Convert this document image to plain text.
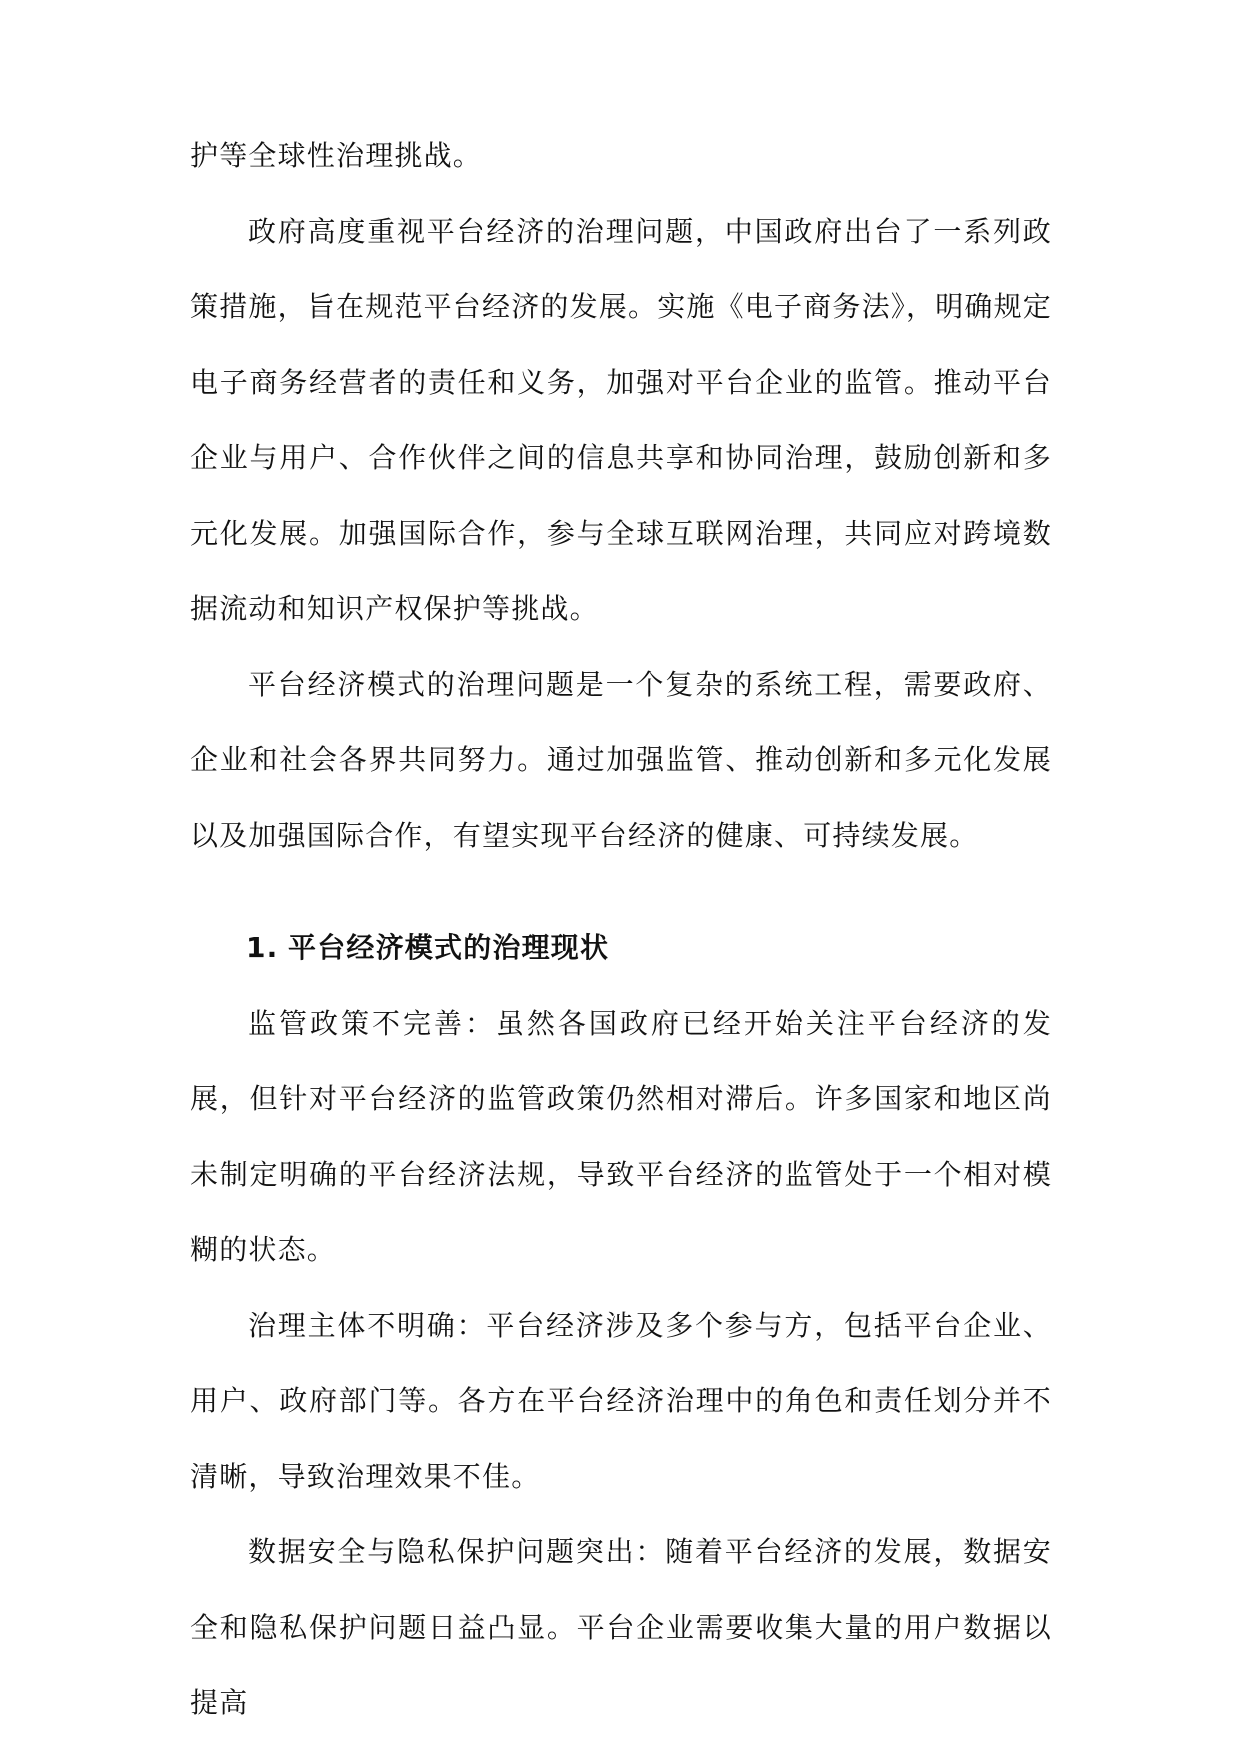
护等全球性治理挑战。

政府高度重视平台经济的治理问题，中国政府出台了一系列政策措施，旨在规范平台经济的发展。实施《电子商务法》，明确规定电子商务经营者的责任和义务，加强对平台企业的监管。推动平台企业与用户、合作伙伴之间的信息共享和协同治理，鼓励创新和多元化发展。加强国际合作，参与全球互联网治理，共同应对跨境数据流动和知识产权保护等挑战。

平台经济模式的治理问题是一个复杂的系统工程，需要政府、企业和社会各界共同努力。通过加强监管、推动创新和多元化发展以及加强国际合作，有望实现平台经济的健康、可持续发展。

1. 平台经济模式的治理现状

监管政策不完善：虽然各国政府已经开始关注平台经济的发展，但针对平台经济的监管政策仍然相对滞后。许多国家和地区尚未制定明确的平台经济法规，导致平台经济的监管处于一个相对模糊的状态。

治理主体不明确：平台经济涉及多个参与方，包括平台企业、用户、政府部门等。各方在平台经济治理中的角色和责任划分并不清晰，导致治理效果不佳。

数据安全与隐私保护问题突出：随着平台经济的发展，数据安全和隐私保护问题日益凸显。平台企业需要收集大量的用户数据以提高
